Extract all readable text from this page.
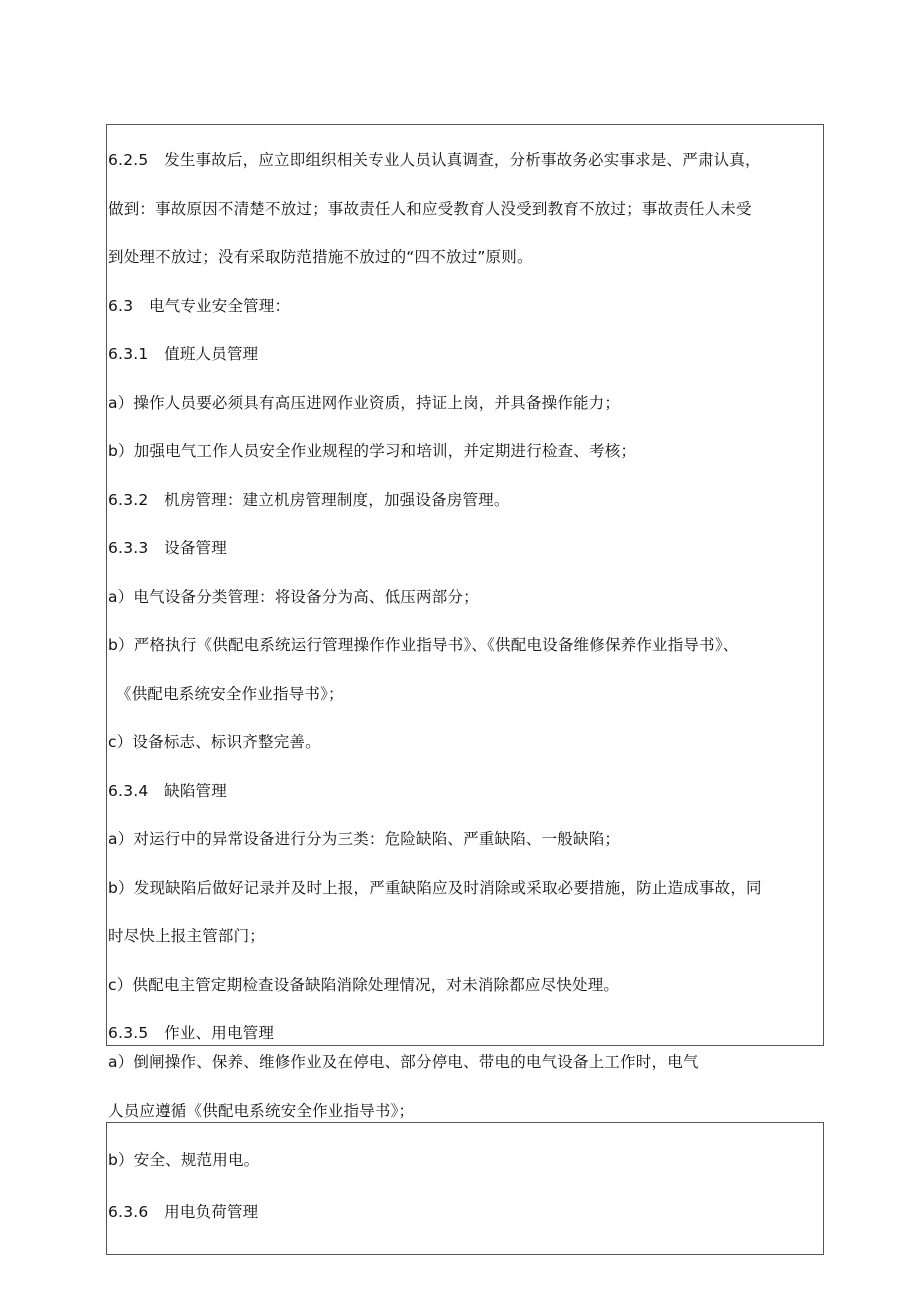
6.2.5　发生事故后，应立即组织相关专业人员认真调查，分析事故务必实事求是、严肃认真，
做到：事故原因不清楚不放过；事故责任人和应受教育人没受到教育不放过；事故责任人未受
到处理不放过；没有采取防范措施不放过的“四不放过”原则。
6.3　电气专业安全管理：
6.3.1　值班人员管理
a）操作人员要必须具有高压进网作业资质，持证上岗，并具备操作能力；
b）加强电气工作人员安全作业规程的学习和培训，并定期进行检查、考核；
6.3.2　机房管理：建立机房管理制度，加强设备房管理。
6.3.3　设备管理
a）电气设备分类管理：将设备分为高、低压两部分；
b）严格执行《供配电系统运行管理操作作业指导书》、《供配电设备维修保养作业指导书》、
《供配电系统安全作业指导书》；
c）设备标志、标识齐整完善。
6.3.4　缺陷管理
a）对运行中的异常设备进行分为三类：危险缺陷、严重缺陷、一般缺陷；
b）发现缺陷后做好记录并及时上报，严重缺陷应及时消除或采取必要措施，防止造成事故，同
时尽快上报主管部门；
c）供配电主管定期检查设备缺陷消除处理情况，对未消除都应尽快处理。
6.3.5　作业、用电管理
a）倒闸操作、保养、维修作业及在停电、部分停电、带电的电气设备上工作时，电气
人员应遵循《供配电系统安全作业指导书》；
b）安全、规范用电。
6.3.6　用电负荷管理
